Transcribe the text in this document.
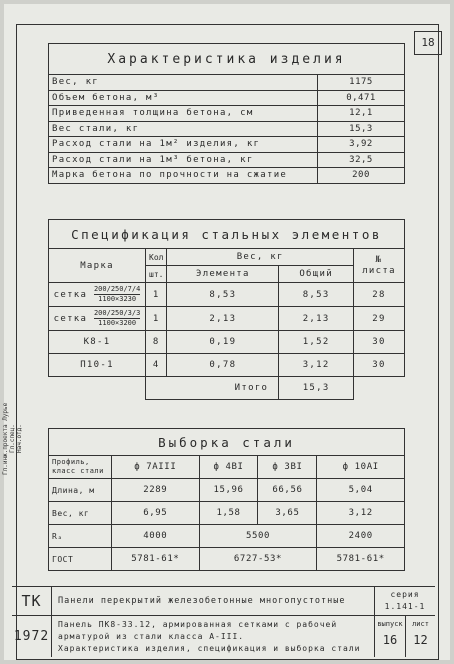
18
Гл.инж.проекта Лурье Гл.спец. Нач.отд.
Характеристика изделия	
Вес, кг	1175
Объем бетона, м³	0,471
Приведенная толщина бетона, см	12,1
Вес стали, кг	15,3
Расход стали на 1м² изделия, кг	3,92
Расход стали на 1м³ бетона, кг	32,5
Марка бетона по прочности на сжатие	200
Спецификация стальных элементов				
Марка	Кол	Вес, кг		№ листа
	шт.	Элемента	Общий	
сетка $\frac{200/250/7/4}{1100\times 3230}$	1	8,53	8,53	28
сетка $\frac{200/250/3/3}{1100\times 3200}$	1	2,13	2,13	29
К8-1	8	0,19	1,52	30
П10-1	4	0,78	3,12	30
	Итого		15,3	
Выборка стали				
Профиль, класс стали	ф 7АIII	ф 4ВI	ф 3ВI	ф 10АI
Длина, м	2289	15,96	66,56	5,04
Вес, кг	6,95	1,58	3,65	3,12
Rₐ	4000	5500		2400
ГОСТ	5781-61*	6727-53*		5781-61*
ТК
1972
Панели перекрытий железобетонные многопустотные
Панель ПК8-33.12, армированная сетками с рабочей арматурой из стали класса А-III.
Характеристика изделия, спецификация и выборка стали
серия
1.141-1
выпуск
16
лист
12
